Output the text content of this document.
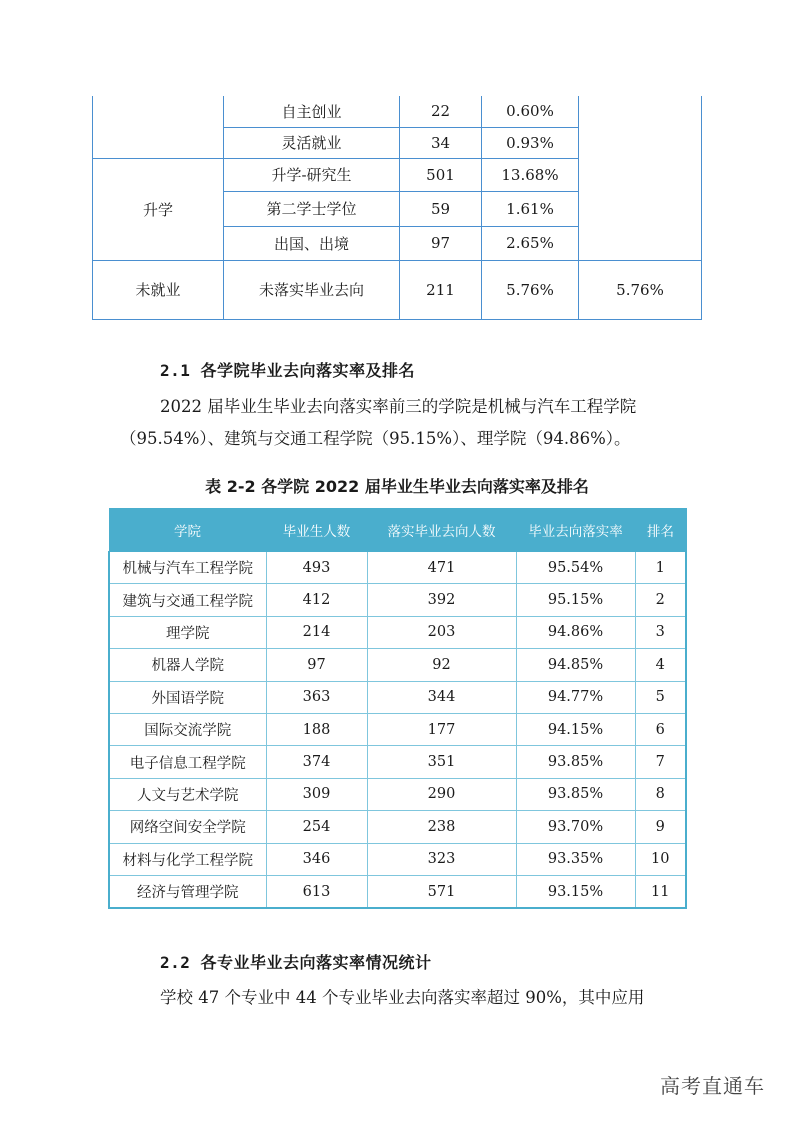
	自主创业	22	0.60%	
	灵活就业	34	0.93%	
升学	升学-研究生	501	13.68%	
	第二学士学位	59	1.61%	
	出国、出境	97	2.65%	
未就业	未落实毕业去向	211	5.76%	5.76%
2.1 各学院毕业去向落实率及排名

2022 届毕业生毕业去向落实率前三的学院是机械与汽车工程学院（95.54%）、建筑与交通工程学院（95.15%）、理学院（94.86%）。

表 2-2 各学院 2022 届毕业生毕业去向落实率及排名
学院	毕业生人数	落实毕业去向人数	毕业去向落实率	排名
机械与汽车工程学院	493	471	95.54%	1
建筑与交通工程学院	412	392	95.15%	2
理学院	214	203	94.86%	3
机器人学院	97	92	94.85%	4
外国语学院	363	344	94.77%	5
国际交流学院	188	177	94.15%	6
电子信息工程学院	374	351	93.85%	7
人文与艺术学院	309	290	93.85%	8
网络空间安全学院	254	238	93.70%	9
材料与化学工程学院	346	323	93.35%	10
经济与管理学院	613	571	93.15%	11
2.2 各专业毕业去向落实率情况统计

学校 47 个专业中 44 个专业毕业去向落实率超过 90%，其中应用

高考直通车
